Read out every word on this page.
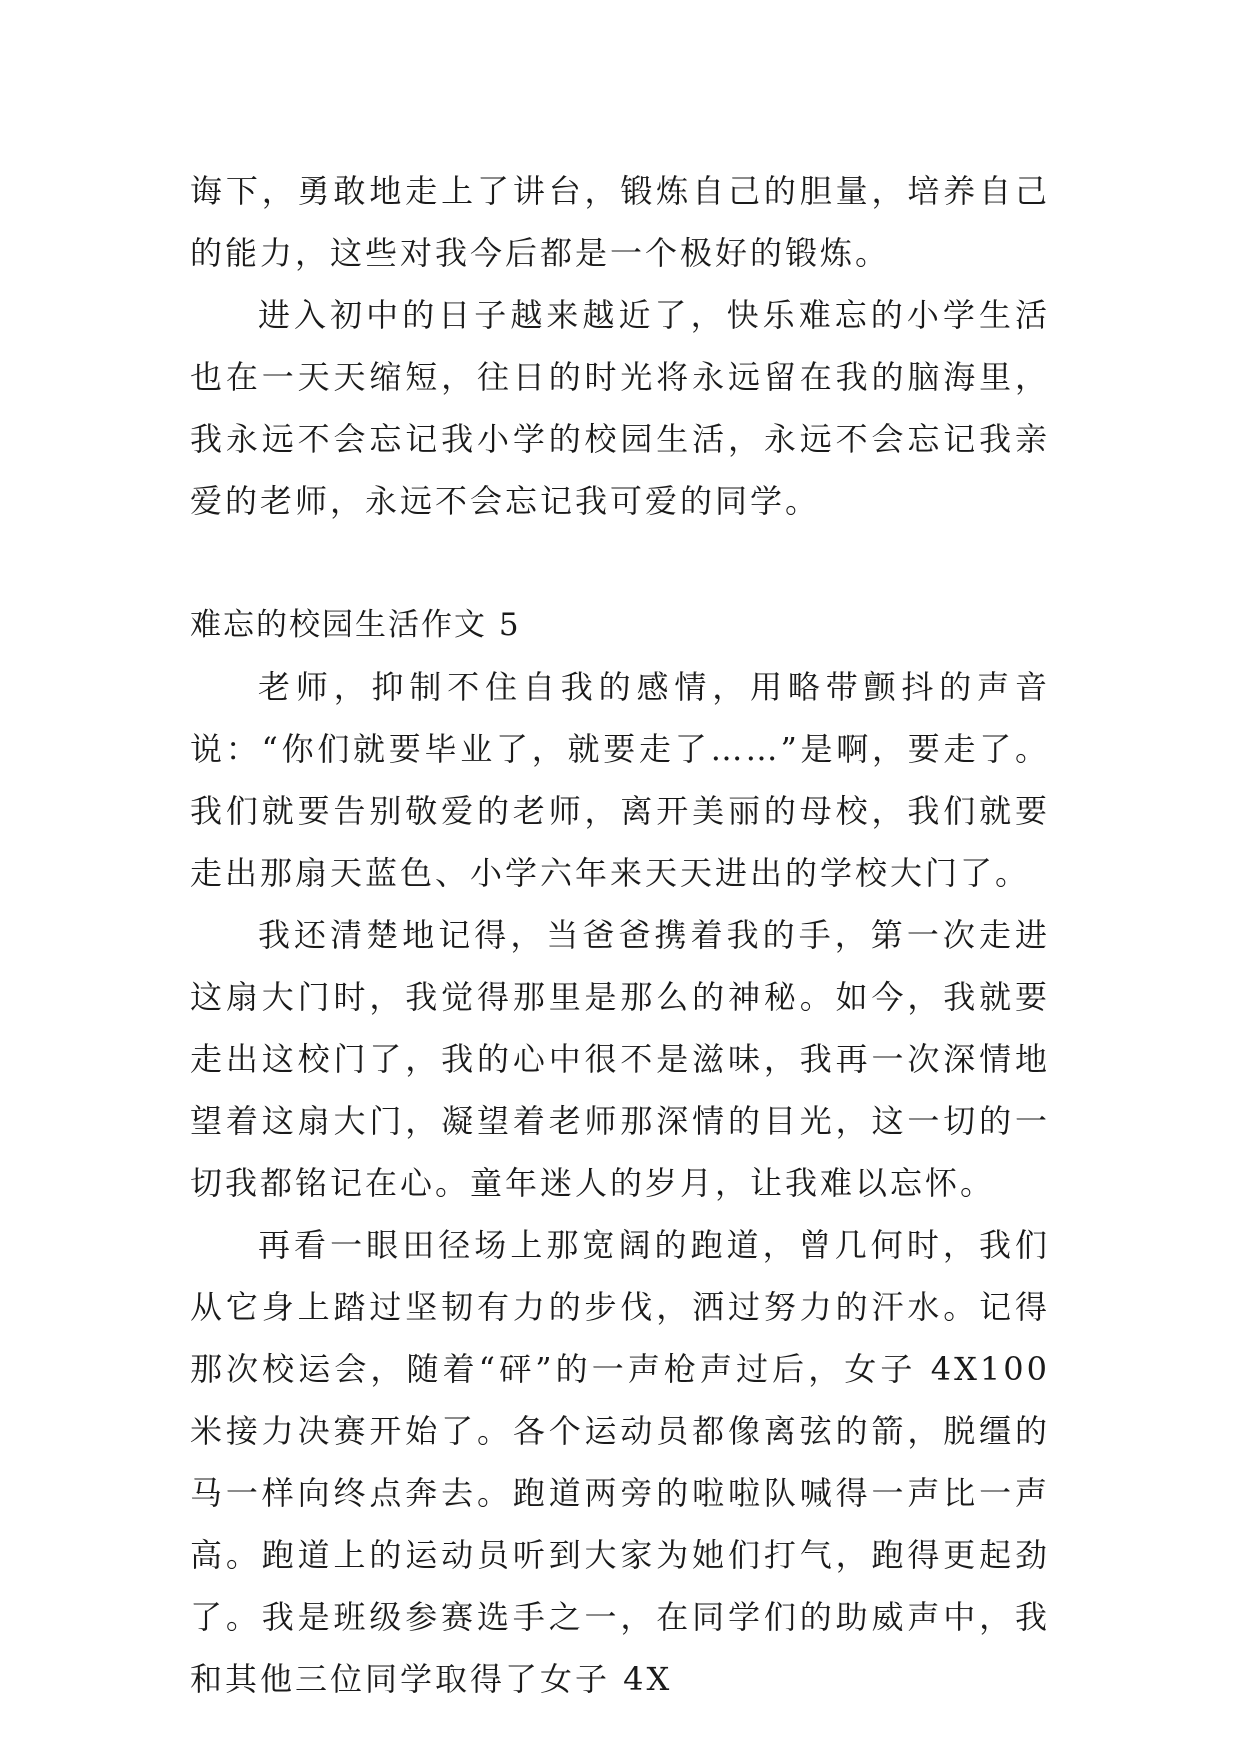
诲下，勇敢地走上了讲台，锻炼自己的胆量，培养自己的能力，这些对我今后都是一个极好的锻炼。

进入初中的日子越来越近了，快乐难忘的小学生活也在一天天缩短，往日的时光将永远留在我的脑海里，我永远不会忘记我小学的校园生活，永远不会忘记我亲爱的老师，永远不会忘记我可爱的同学。

难忘的校园生活作文 5

老师，抑制不住自我的感情，用略带颤抖的声音说：“你们就要毕业了，就要走了……”是啊，要走了。我们就要告别敬爱的老师，离开美丽的母校，我们就要走出那扇天蓝色、小学六年来天天进出的学校大门了。

我还清楚地记得，当爸爸携着我的手，第一次走进这扇大门时，我觉得那里是那么的神秘。如今，我就要走出这校门了，我的心中很不是滋味，我再一次深情地望着这扇大门，凝望着老师那深情的目光，这一切的一切我都铭记在心。童年迷人的岁月，让我难以忘怀。

再看一眼田径场上那宽阔的跑道，曾几何时，我们从它身上踏过坚韧有力的步伐，洒过努力的汗水。记得那次校运会，随着“砰”的一声枪声过后，女子 4X100 米接力决赛开始了。各个运动员都像离弦的箭，脱缰的马一样向终点奔去。跑道两旁的啦啦队喊得一声比一声高。跑道上的运动员听到大家为她们打气，跑得更起劲了。我是班级参赛选手之一，在同学们的助威声中，我和其他三位同学取得了女子 4X
